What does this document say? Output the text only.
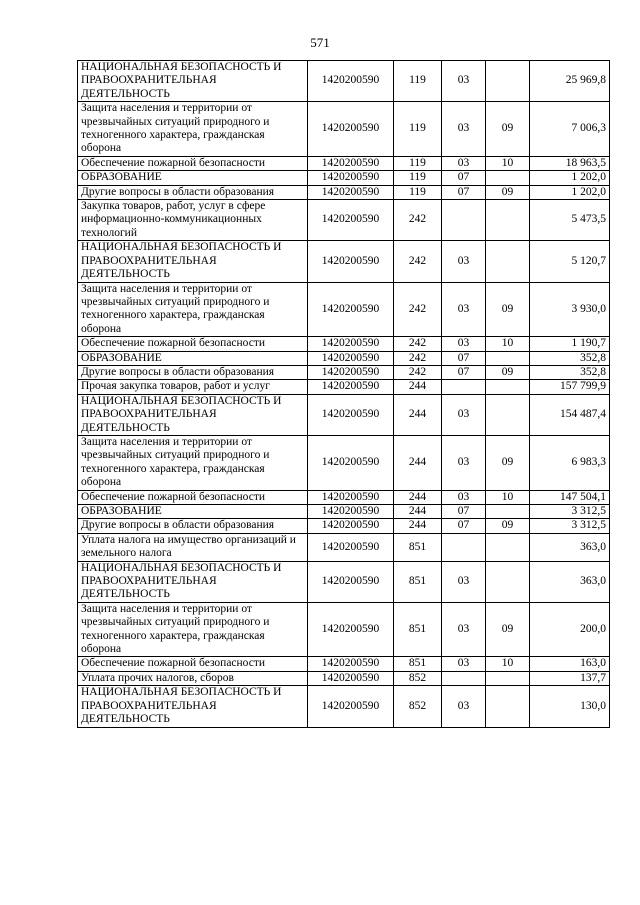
571
НАЦИОНАЛЬНАЯ БЕЗОПАСНОСТЬ И ПРАВООХРАНИТЕЛЬНАЯ ДЕЯТЕЛЬНОСТЬ	1420200590	119	03		25 969,8
Защита населения и территории от чрезвычайных ситуаций природного и техногенного характера, гражданская оборона	1420200590	119	03	09	7 006,3
Обеспечение пожарной безопасности	1420200590	119	03	10	18 963,5
ОБРАЗОВАНИЕ	1420200590	119	07		1 202,0
Другие вопросы в области образования	1420200590	119	07	09	1 202,0
Закупка товаров, работ, услуг в сфере информационно-коммуникационных технологий	1420200590	242			5 473,5
НАЦИОНАЛЬНАЯ БЕЗОПАСНОСТЬ И ПРАВООХРАНИТЕЛЬНАЯ ДЕЯТЕЛЬНОСТЬ	1420200590	242	03		5 120,7
Защита населения и территории от чрезвычайных ситуаций природного и техногенного характера, гражданская оборона	1420200590	242	03	09	3 930,0
Обеспечение пожарной безопасности	1420200590	242	03	10	1 190,7
ОБРАЗОВАНИЕ	1420200590	242	07		352,8
Другие вопросы в области образования	1420200590	242	07	09	352,8
Прочая закупка товаров, работ и услуг	1420200590	244			157 799,9
НАЦИОНАЛЬНАЯ БЕЗОПАСНОСТЬ И ПРАВООХРАНИТЕЛЬНАЯ ДЕЯТЕЛЬНОСТЬ	1420200590	244	03		154 487,4
Защита населения и территории от чрезвычайных ситуаций природного и техногенного характера, гражданская оборона	1420200590	244	03	09	6 983,3
Обеспечение пожарной безопасности	1420200590	244	03	10	147 504,1
ОБРАЗОВАНИЕ	1420200590	244	07		3 312,5
Другие вопросы в области образования	1420200590	244	07	09	3 312,5
Уплата налога на имущество организаций и земельного налога	1420200590	851			363,0
НАЦИОНАЛЬНАЯ БЕЗОПАСНОСТЬ И ПРАВООХРАНИТЕЛЬНАЯ ДЕЯТЕЛЬНОСТЬ	1420200590	851	03		363,0
Защита населения и территории от чрезвычайных ситуаций природного и техногенного характера, гражданская оборона	1420200590	851	03	09	200,0
Обеспечение пожарной безопасности	1420200590	851	03	10	163,0
Уплата прочих налогов, сборов	1420200590	852			137,7
НАЦИОНАЛЬНАЯ БЕЗОПАСНОСТЬ И ПРАВООХРАНИТЕЛЬНАЯ ДЕЯТЕЛЬНОСТЬ	1420200590	852	03		130,0
